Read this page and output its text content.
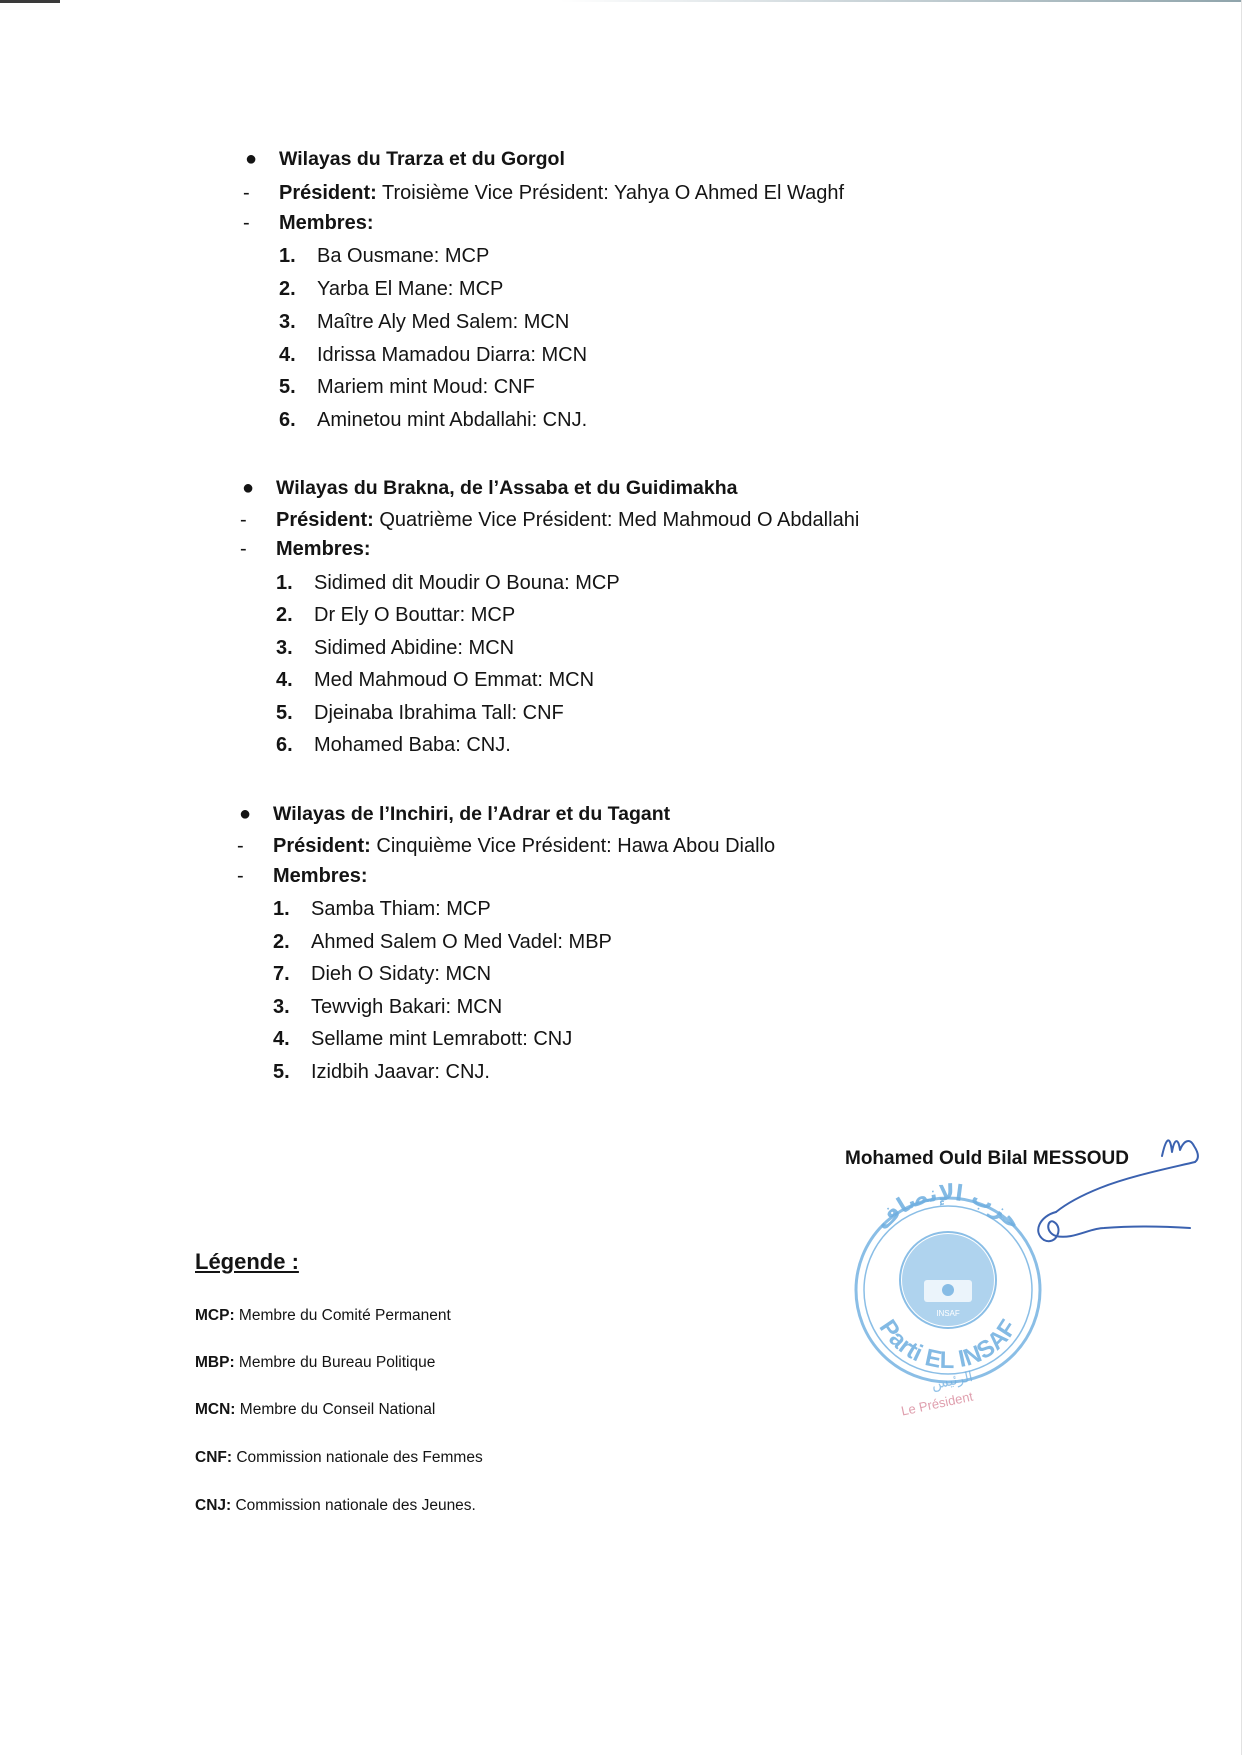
● Wilayas du Trarza et du Gorgol
- Président: Troisième Vice Président: Yahya O Ahmed El Waghf
- Membres:
1. Ba Ousmane: MCP
2. Yarba El Mane: MCP
3. Maître Aly Med Salem: MCN
4. Idrissa Mamadou Diarra: MCN
5. Mariem mint Moud: CNF
6. Aminetou mint Abdallahi: CNJ.
● Wilayas du Brakna, de l’Assaba et du Guidimakha
- Président: Quatrième Vice Président: Med Mahmoud O Abdallahi
- Membres:
1. Sidimed dit Moudir O Bouna: MCP
2. Dr Ely O Bouttar: MCP
3. Sidimed Abidine: MCN
4. Med Mahmoud O Emmat: MCN
5. Djeinaba Ibrahima Tall: CNF
6. Mohamed Baba: CNJ.
● Wilayas de l’Inchiri, de l’Adrar et du Tagant
- Président: Cinquième Vice Président: Hawa Abou Diallo
- Membres:
1. Samba Thiam: MCP
2. Ahmed Salem O Med Vadel: MBP
7. Dieh O Sidaty: MCN
3. Tewvigh Bakari: MCN
4. Sellame mint Lemrabott: CNJ
5. Izidbih Jaavar: CNJ.
Mohamed Ould Bilal MESSOUD
حزب الإنصاف
Parti EL INSAF
INSAF
الرئيس
Le Président
Légende :
MCP: Membre du Comité Permanent
MBP: Membre du Bureau Politique
MCN: Membre du Conseil National
CNF: Commission nationale des Femmes
CNJ: Commission nationale des Jeunes.
